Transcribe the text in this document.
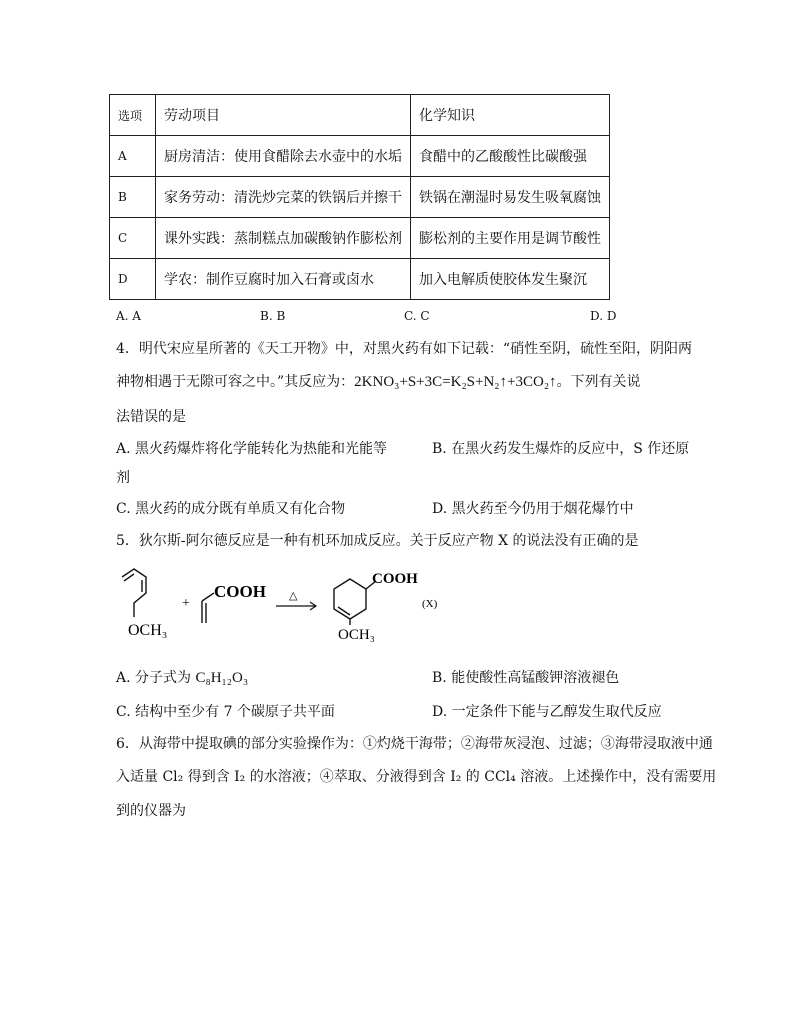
选项	劳动项目	化学知识
A	厨房清洁：使用食醋除去水壶中的水垢	食醋中的乙酸酸性比碳酸强
B	家务劳动：清洗炒完菜的铁锅后并擦干	铁锅在潮湿时易发生吸氧腐蚀
C	课外实践：蒸制糕点加碳酸钠作膨松剂	膨松剂的主要作用是调节酸性
D	学农：制作豆腐时加入石膏或卤水	加入电解质使胶体发生聚沉
A. A	B. B	C. C	D. D
4．明代宋应星所著的《天工开物》中，对黑火药有如下记载：“硝性至阴，硫性至阳，阴阳两
神物相遇于无隙可容之中。”其反应为：2KNO₃+S+3C=K₂S+N₂↑+3CO₂↑。下列有关说
法错误的是
A. 黑火药爆炸将化学能转化为热能和光能等	B. 在黑火药发生爆炸的反应中，S 作还原
剂
C. 黑火药的成分既有单质又有化合物	D. 黑火药至今仍用于烟花爆竹中
5．狄尔斯-阿尔德反应是一种有机环加成反应。关于反应产物 X 的说法没有正确的是
OCH₃
+
COOH △
COOH
OCH₃
(X)
A. 分子式为 C₈H₁₂O₃	B. 能使酸性高锰酸钾溶液褪色
C. 结构中至少有 7 个碳原子共平面	D. 一定条件下能与乙醇发生取代反应
6．从海带中提取碘的部分实验操作为：①灼烧干海带；②海带灰浸泡、过滤；③海带浸取液中通
入适量 Cl₂ 得到含 I₂ 的水溶液；④萃取、分液得到含 I₂ 的 CCl₄ 溶液。上述操作中，没有需要用
到的仪器为
